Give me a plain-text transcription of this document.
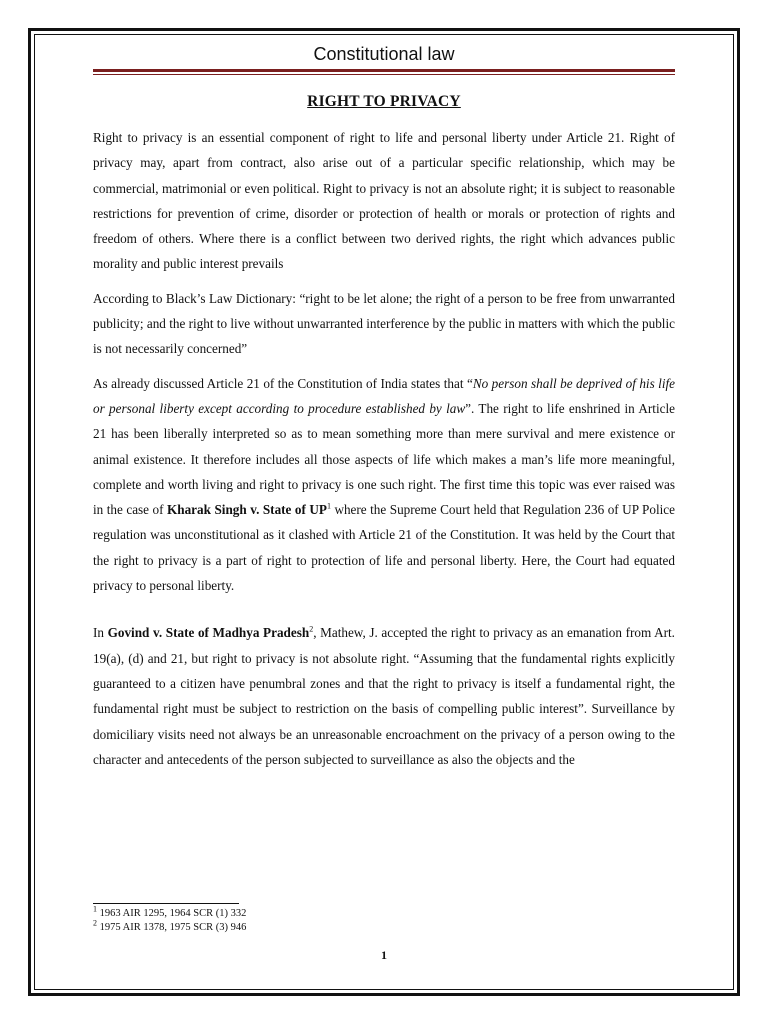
Constitutional law
RIGHT TO PRIVACY

Right to privacy is an essential component of right to life and personal liberty under Article 21. Right of privacy may, apart from contract, also arise out of a particular specific relationship, which may be commercial, matrimonial or even political. Right to privacy is not an absolute right; it is subject to reasonable restrictions for prevention of crime, disorder or protection of health or morals or protection of rights and freedom of others. Where there is a conflict between two derived rights, the right which advances public morality and public interest prevails

According to Black’s Law Dictionary: “right to be let alone; the right of a person to be free from unwarranted publicity; and the right to live without unwarranted interference by the public in matters with which the public is not necessarily concerned”

As already discussed Article 21 of the Constitution of India states that “No person shall be deprived of his life or personal liberty except according to procedure established by law”. The right to life enshrined in Article 21 has been liberally interpreted so as to mean something more than mere survival and mere existence or animal existence. It therefore includes all those aspects of life which makes a man’s life more meaningful, complete and worth living and right to privacy is one such right. The first time this topic was ever raised was in the case of Kharak Singh v. State of $UP^1$ where the Supreme Court held that Regulation 236 of UP Police regulation was unconstitutional as it clashed with Article 21 of the Constitution. It was held by the Court that the right to privacy is a part of right to protection of life and personal liberty. Here, the Court had equated privacy to personal liberty.

In Govind v. State of Madhya Pradesh$^2$, Mathew, J. accepted the right to privacy as an emanation from Art. 19(a), (d) and 21, but right to privacy is not absolute right. “Assuming that the fundamental rights explicitly guaranteed to a citizen have penumbral zones and that the right to privacy is itself a fundamental right, the fundamental right must be subject to restriction on the basis of compelling public interest”. Surveillance by domiciliary visits need not always be an unreasonable encroachment on the privacy of a person owing to the character and antecedents of the person subjected to surveillance as also the objects and the

$^1$ 1963 AIR 1295, 1964 SCR (1) 332
$^2$ 1975 AIR 1378, 1975 SCR (3) 946
1
